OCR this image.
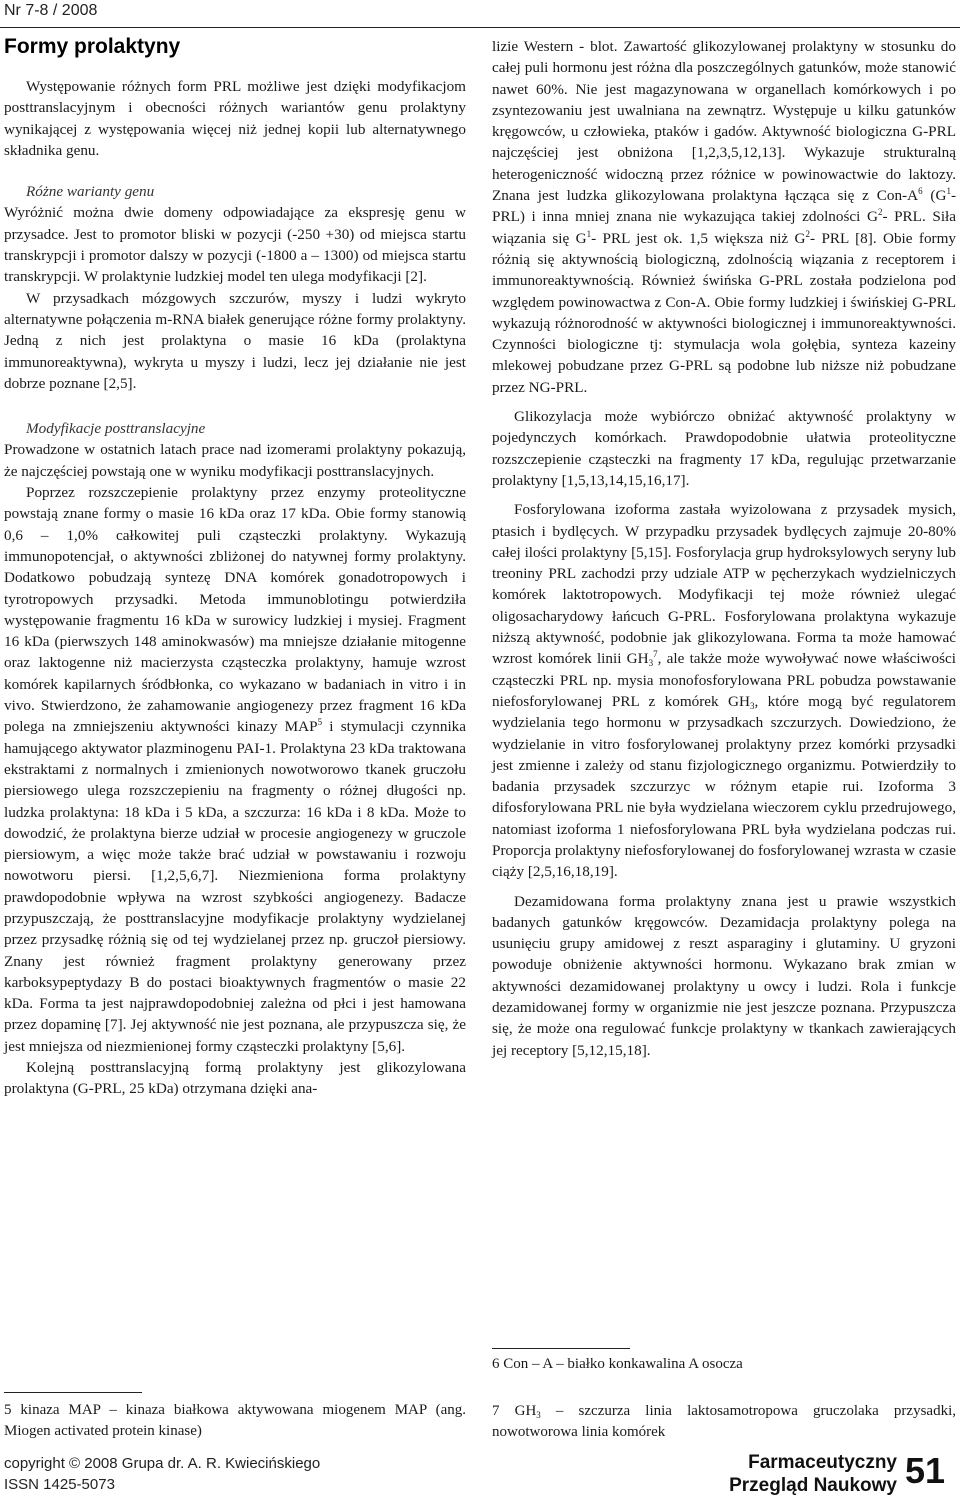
Nr 7-8 / 2008
Formy prolaktyny

Występowanie różnych form PRL możliwe jest dzięki modyfikacjom posttranslacyjnym i obecności różnych wariantów genu prolaktyny wynikającej z występowania więcej niż jednej kopii lub alternatywnego składnika genu.

Różne warianty genu

Wyróżnić można dwie domeny odpowiadające za ekspresję genu w przysadce. Jest to promotor bliski w pozycji (-250 +30) od miejsca startu transkrypcji i promotor dalszy w pozycji (-1800 a – 1300) od miejsca startu transkrypcji. W prolaktynie ludzkiej model ten ulega modyfikacji [2].

W przysadkach mózgowych szczurów, myszy i ludzi wykryto alternatywne połączenia m-RNA białek generujące różne formy prolaktyny. Jedną z nich jest prolaktyna o masie 16 kDa (prolaktyna immunoreaktywna), wykryta u myszy i ludzi, lecz jej działanie nie jest dobrze poznane [2,5].

Modyfikacje posttranslacyjne

Prowadzone w ostatnich latach prace nad izomerami prolaktyny pokazują, że najczęściej powstają one w wyniku modyfikacji posttranslacyjnych.

Poprzez rozszczepienie prolaktyny przez enzymy proteolityczne powstają znane formy o masie 16 kDa oraz 17 kDa. Obie formy stanowią 0,6 – 1,0% całkowitej puli cząsteczki prolaktyny. Wykazują immunopotencjał, o aktywności zbliżonej do natywnej formy prolaktyny. Dodatkowo pobudzają syntezę DNA komórek gonadotropowych i tyrotropowych przysadki. Metoda immunoblotingu potwierdziła występowanie fragmentu 16 kDa w surowicy ludzkiej i mysiej. Fragment 16 kDa (pierwszych 148 aminokwasów) ma mniejsze działanie mitogenne oraz laktogenne niż macierzysta cząsteczka prolaktyny, hamuje wzrost komórek kapilarnych śródbłonka, co wykazano w badaniach in vitro i in vivo. Stwierdzono, że zahamowanie angiogenezy przez fragment 16 kDa polega na zmniejszeniu aktywności kinazy MAP$^5$ i stymulacji czynnika hamującego aktywator plazminogenu PAI-1. Prolaktyna 23 kDa traktowana ekstraktami z normalnych i zmienionych nowotworowo tkanek gruczołu piersiowego ulega rozszczepieniu na fragmenty o różnej długości np. ludzka prolaktyna: 18 kDa i 5 kDa, a szczurza: 16 kDa i 8 kDa. Może to dowodzić, że prolaktyna bierze udział w procesie angiogenezy w gruczole piersiowym, a więc może także brać udział w powstawaniu i rozwoju nowotworu piersi. [1,2,5,6,7]. Niezmieniona forma prolaktyny prawdopodobnie wpływa na wzrost szybkości angiogenezy. Badacze przypuszczają, że posttranslacyjne modyfikacje prolaktyny wydzielanej przez przysadkę różnią się od tej wydzielanej przez np. gruczoł piersiowy. Znany jest również fragment prolaktyny generowany przez karboksypeptydazy B do postaci bioaktywnych fragmentów o masie 22 kDa. Forma ta jest najprawdopodobniej zależna od płci i jest hamowana przez dopaminę [7]. Jej aktywność nie jest poznana, ale przypuszcza się, że jest mniejsza od niezmienionej formy cząsteczki prolaktyny [5,6].

Kolejną posttranslacyjną formą prolaktyny jest glikozylowana prolaktyna (G-PRL, 25 kDa) otrzymana dzięki ana-

5 kinaza MAP – kinaza białkowa aktywowana miogenem MAP (ang. Miogen activated protein kinase)

lizie Western - blot. Zawartość glikozylowanej prolaktyny w stosunku do całej puli hormonu jest różna dla poszczególnych gatunków, może stanowić nawet 60%. Nie jest magazynowana w organellach komórkowych i po zsyntezowaniu jest uwalniana na zewnątrz. Występuje u kilku gatunków kręgowców, u człowieka, ptaków i gadów. Aktywność biologiczna G-PRL najczęściej jest obniżona [1,2,3,5,12,13]. Wykazuje strukturalną heterogeniczność widoczną przez różnice w powinowactwie do laktozy. Znana jest ludzka glikozylowana prolaktyna łącząca się z Con-$A^6$ ($G^1-$ PRL) i inna mniej znana nie wykazująca takiej zdolności $G^2-$ PRL. Siła wiązania się $G^1-$ PRL jest ok. 1,5 większa niż $G^2-$ PRL [8]. Obie formy różnią się aktywnością biologiczną, zdolnością wiązania z receptorem i immunoreaktywnością. Również świńska G-PRL została podzielona pod względem powinowactwa z Con-A. Obie formy ludzkiej i świńskiej G-PRL wykazują różnorodność w aktywności biologicznej i immunoreaktywności. Czynności biologiczne tj: stymulacja wola gołębia, synteza kazeiny mlekowej pobudzane przez G-PRL są podobne lub niższe niż pobudzane przez NG-PRL.

Glikozylacja może wybiórczo obniżać aktywność prolaktyny w pojedynczych komórkach. Prawdopodobnie ułatwia proteolityczne rozszczepienie cząsteczki na fragmenty 17 kDa, regulując przetwarzanie prolaktyny [1,5,13,14,15,16,17].

Fosforylowana izoforma zastała wyizolowana z przysadek mysich, ptasich i bydlęcych. W przypadku przysadek bydlęcych zajmuje 20-80% całej ilości prolaktyny [5,15]. Fosforylacja grup hydroksylowych seryny lub treoniny PRL zachodzi przy udziale ATP w pęcherzykach wydzielniczych komórek laktotropowych. Modyfikacji tej może również ulegać oligosacharydowy łańcuch G-PRL. Fosforylowana prolaktyna wykazuje niższą aktywność, podobnie jak glikozylowana. Forma ta może hamować wzrost komórek linii $GH_3^7$, ale także może wywoływać nowe właściwości cząsteczki PRL np. mysia monofosforylowana PRL pobudza powstawanie niefosforylowanej PRL z komórek $GH_3$, które mogą być regulatorem wydzielania tego hormonu w przysadkach szczurzych. Dowiedziono, że wydzielanie in vitro fosforylowanej prolaktyny przez komórki przysadki jest zmienne i zależy od stanu fizjologicznego organizmu. Potwierdziły to badania przysadek szczurzyc w różnym etapie rui. Izoforma 3 difosforylowana PRL nie była wydzielana wieczorem cyklu przedrujowego, natomiast izoforma 1 niefosforylowana PRL była wydzielana podczas rui. Proporcja prolaktyny niefosforylowanej do fosforylowanej wzrasta w czasie ciąży [2,5,16,18,19].

Dezamidowana forma prolaktyny znana jest u prawie wszystkich badanych gatunków kręgowców. Dezamidacja prolaktyny polega na usunięciu grupy amidowej z reszt asparaginy i glutaminy. U gryzoni powoduje obniżenie aktywności hormonu. Wykazano brak zmian w aktywności dezamidowanej prolaktyny u owcy i ludzi. Rola i funkcje dezamidowanej formy w organizmie nie jest jeszcze poznana. Przypuszcza się, że może ona regulować funkcje prolaktyny w tkankach zawierających jej receptory [5,12,15,18].

6 Con – A – białko konkawalina A osocza
7 $GH_3$ – szczurza linia laktosamotropowa gruczolaka przysadki, nowotworowa linia komórek
copyright © 2008 Grupa dr. A. R. Kwiecińskiego
ISSN 1425-5073
Farmaceutyczny
Przegląd Naukowy 51
